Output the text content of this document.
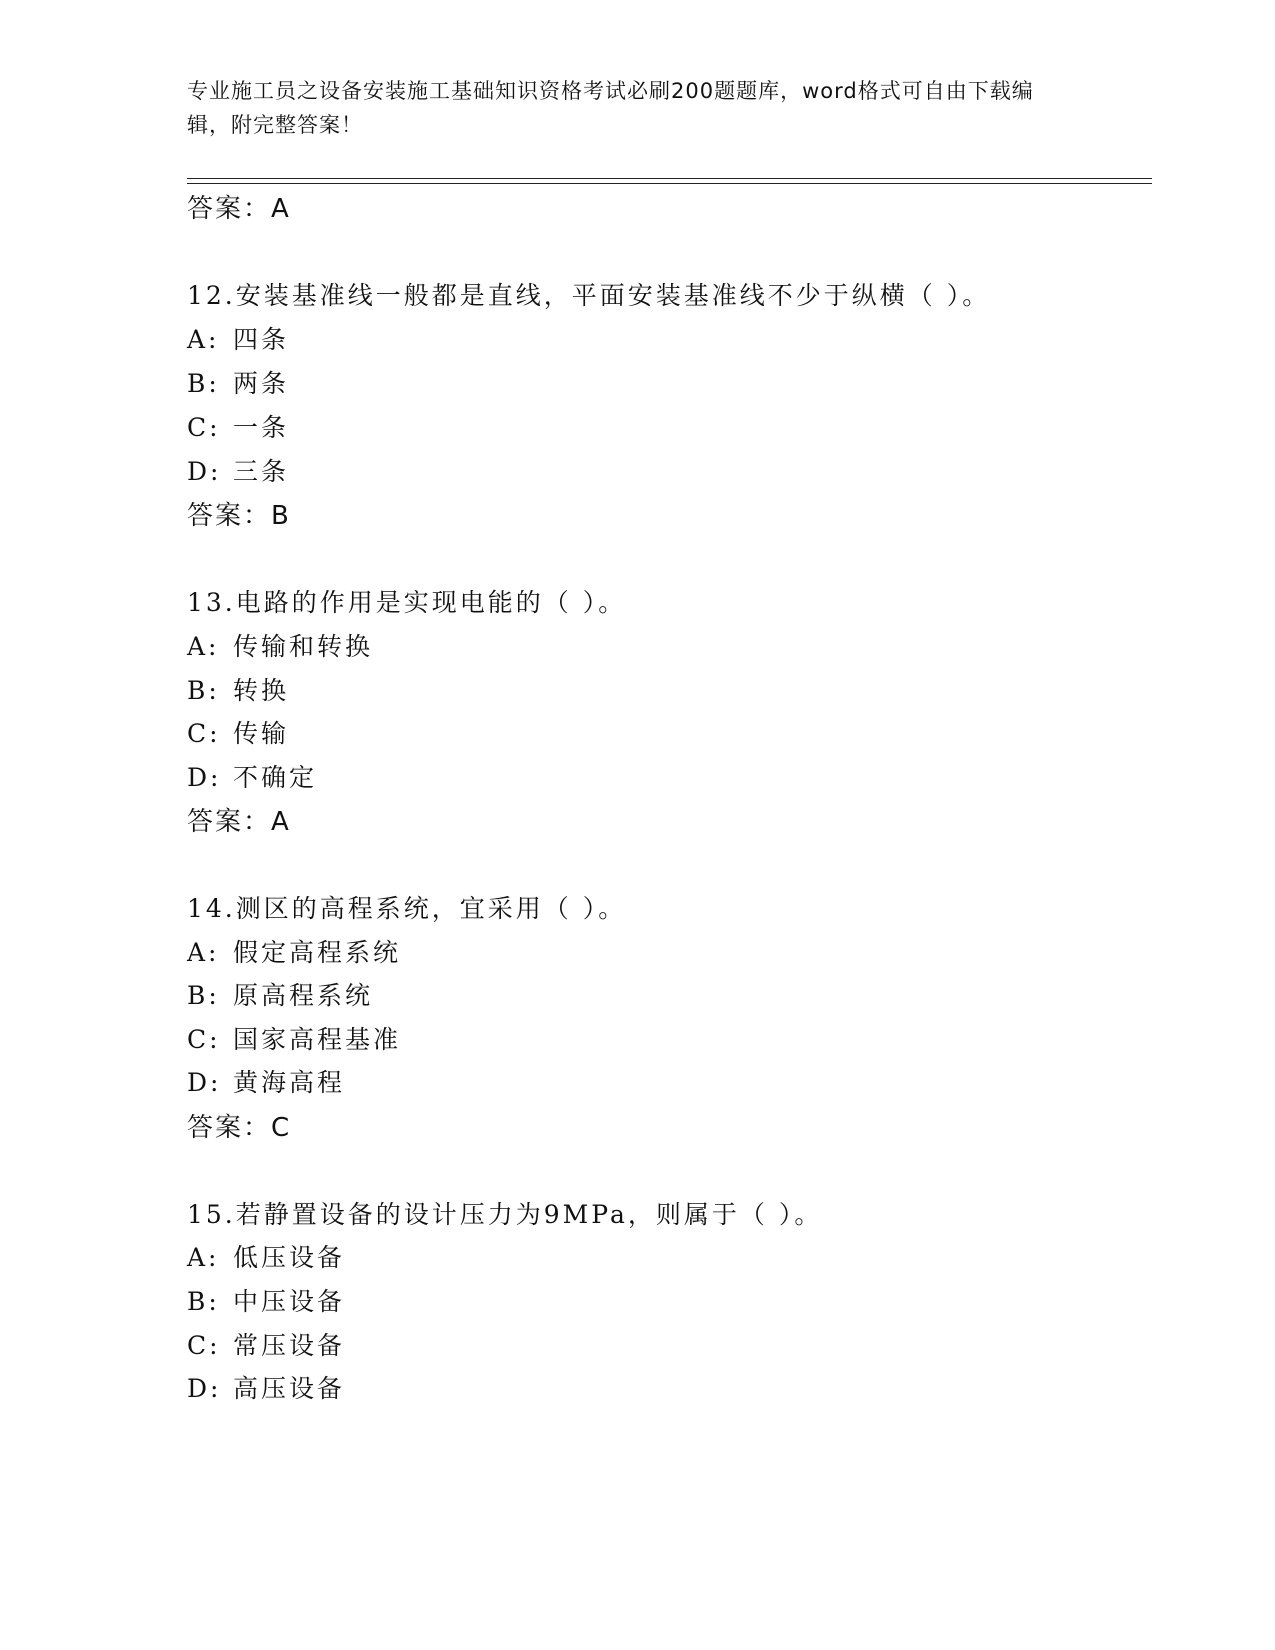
专业施工员之设备安装施工基础知识资格考试必刷200题题库，word格式可自由下载编辑，附完整答案！
答案：A
12.安装基准线一般都是直线，平面安装基准线不少于纵横（ ）。
A: 四条
B: 两条
C: 一条
D: 三条
答案：B
13.电路的作用是实现电能的（ ）。
A: 传输和转换
B: 转换
C: 传输
D: 不确定
答案：A
14.测区的高程系统，宜采用（ ）。
A: 假定高程系统
B: 原高程系统
C: 国家高程基准
D: 黄海高程
答案：C
15.若静置设备的设计压力为9MPa，则属于（ ）。
A: 低压设备
B: 中压设备
C: 常压设备
D: 高压设备
